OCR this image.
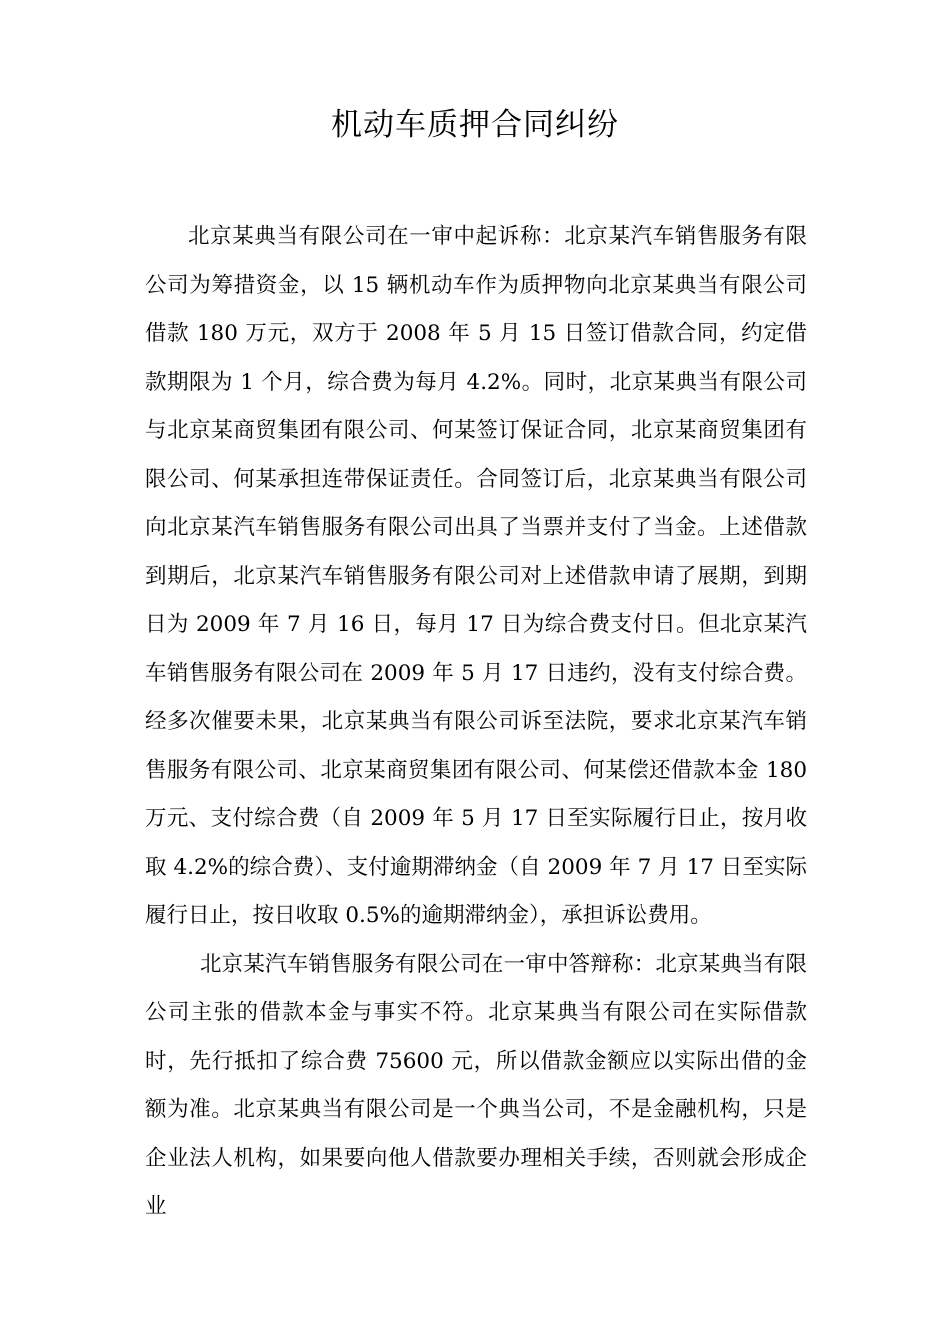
机动车质押合同纠纷

北京某典当有限公司在一审中起诉称：北京某汽车销售服务有限公司为筹措资金，以 15 辆机动车作为质押物向北京某典当有限公司借款 180 万元，双方于 2008 年 5 月 15 日签订借款合同，约定借款期限为 1 个月，综合费为每月 4.2%。同时，北京某典当有限公司与北京某商贸集团有限公司、何某签订保证合同，北京某商贸集团有限公司、何某承担连带保证责任。合同签订后，北京某典当有限公司向北京某汽车销售服务有限公司出具了当票并支付了当金。上述借款到期后，北京某汽车销售服务有限公司对上述借款申请了展期，到期日为 2009 年 7 月 16 日，每月 17 日为综合费支付日。但北京某汽车销售服务有限公司在 2009 年 5 月 17 日违约，没有支付综合费。经多次催要未果，北京某典当有限公司诉至法院，要求北京某汽车销售服务有限公司、北京某商贸集团有限公司、何某偿还借款本金 180 万元、支付综合费（自 2009 年 5 月 17 日至实际履行日止，按月收取 4.2%的综合费）、支付逾期滞纳金（自 2009 年 7 月 17 日至实际履行日止，按日收取 0.5%的逾期滞纳金），承担诉讼费用。

北京某汽车销售服务有限公司在一审中答辩称：北京某典当有限公司主张的借款本金与事实不符。北京某典当有限公司在实际借款时，先行抵扣了综合费 75600 元，所以借款金额应以实际出借的金额为准。北京某典当有限公司是一个典当公司，不是金融机构，只是企业法人机构，如果要向他人借款要办理相关手续，否则就会形成企业
